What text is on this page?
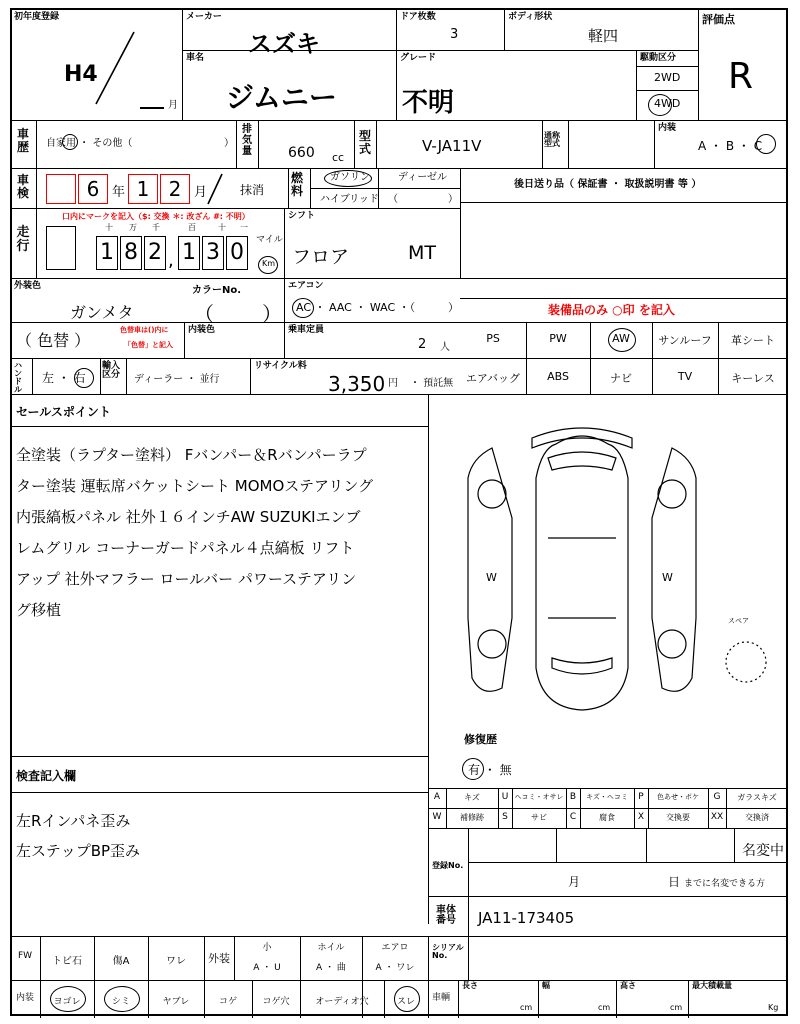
初年度登録
H4
月
メーカー
スズキ
ドア枚数
3
ボディ形状
軽四
評価点
R
車名
ジムニー
グレード
不明
駆動区分
2WD
4WD
車歴 自家用 ・ その他（	）
排気量	660 cc
型式	V-JA11V
通称型式
内装
A ・ B ・ C
車検	6 年 1 2 月	抹消
燃料
ガソリン	ディーゼル
ハイブリッド （	）
後日送り品（ 保証書 ・ 取扱説明書 等 ）
走行
口内にマークを記入（$: 交換 ＊: 改ざん #: 不明）
十 万 千	百	十 一
1 8 2 , 1 3 0	マイル
Km
シフト
フロア	MT
外装色
ガンメタ
カラーNo.
（ ）
エアコン
AC ・ AAC ・ WAC ・（	）	装備品のみ ○印 を記入
（ 色替 ）
色替車は()内に
「色替」と記入
内装色	乗車定員
2 人
PS	PW	AW	サンルーフ	革シート
エアバッグ	ABS	ナビ	TV	キーレス
ハンドル
左 ・ 右
輸入区分	ディーラー ・ 並行
リサイクル料
3,350 円 ・ 預託無
セールスポイント
全塗装（ラプター塗料） Fバンパー＆Rバンパーラプ
ター塗装 運転席バケットシート MOMOステアリング
内張縞板パネル 社外１６インチAW SUZUKIエンブ
レムグリル コーナーガードパネル４点縞板 リフト
アップ 社外マフラー ロールバー パワーステアリン
グ移植
W	W
スペア
修復歴
有 ・ 無
検査記入欄
左Rインパネ歪み
左ステップBP歪み
A	キズ	U ヘコミ・オサレ B	キズ・ヘコミ	P	色あせ・ボケ	G	ガラスキズ
W	補修跡	S	サビ	C	腐食	X	交換要	XX	交換済
登録No.
名変中
月	日 までに名変できる方
車体番号 JA11-173405
FW	トビ石	傷A	ワレ	外装
小
A ・ U
ホイル
A ・ 曲
エアロ
A ・ ワレ
シリアルNo.
内装	ヨゴレ	シミ	ヤブレ	コゲ	コゲ穴	オーディオ穴	スレ	車輌
長さ
cm
幅
cm
高さ
cm
最大積載量
Kg
